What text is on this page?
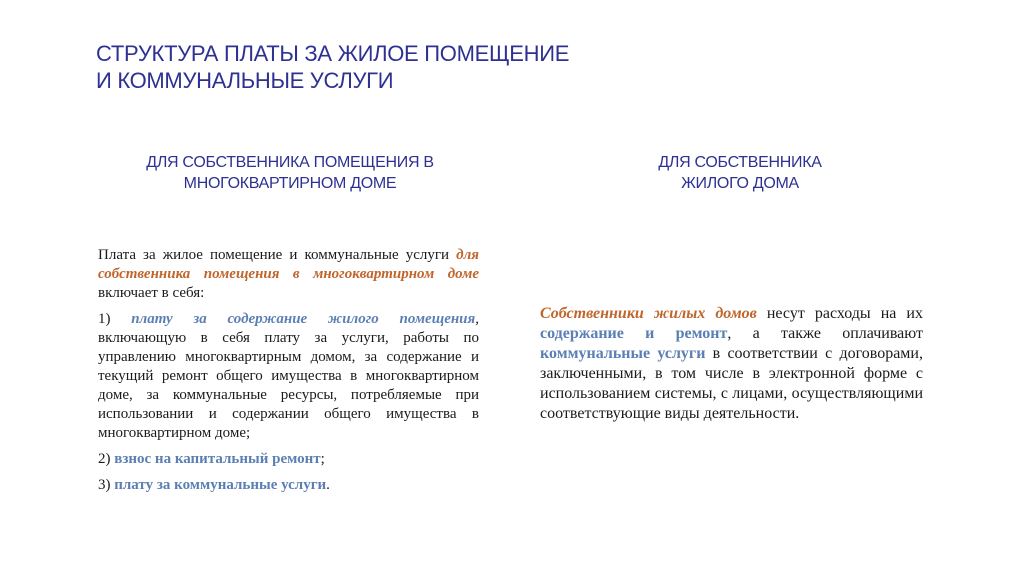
СТРУКТУРА ПЛАТЫ ЗА ЖИЛОЕ ПОМЕЩЕНИЕ
И КОММУНАЛЬНЫЕ УСЛУГИ
ДЛЯ СОБСТВЕННИКА ПОМЕЩЕНИЯ В
МНОГОКВАРТИРНОМ ДОМЕ
ДЛЯ СОБСТВЕННИКА
ЖИЛОГО ДОМА

Плата за жилое помещение и коммунальные услуги для собственника помещения в многоквартирном доме включает в себя:

1) плату за содержание жилого помещения, включающую в себя плату за услуги, работы по управлению многоквартирным домом, за содержание и текущий ремонт общего имущества в многоквартирном доме, за коммунальные ресурсы, потребляемые при использовании и содержании общего имущества в многоквартирном доме;

2) взнос на капитальный ремонт;

3) плату за коммунальные услуги.

Собственники жилых домов несут расходы на их содержание и ремонт, а также оплачивают коммунальные услуги в соответствии с договорами, заключенными, в том числе в электронной форме с использованием системы, с лицами, осуществляющими соответствующие виды деятельности.
